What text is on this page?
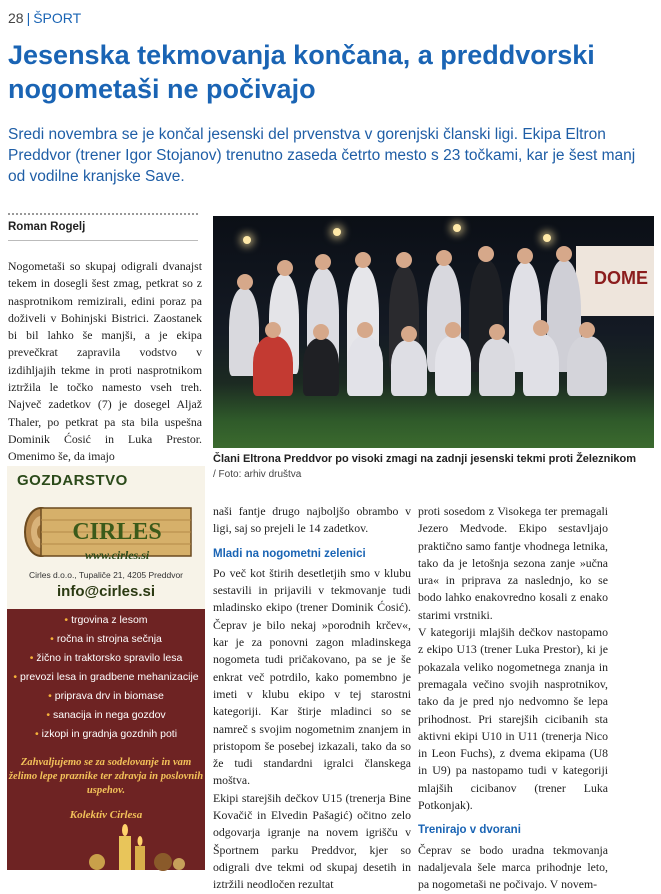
28 | ŠPORT
Jesenska tekmovanja končana, a preddvorski nogometaši ne počivajo

Sredi novembra se je končal jesenski del prvenstva v gorenjski članski ligi. Ekipa Eltron Preddvor (trener Igor Stojanov) trenutno zaseda četrto mesto s 23 točkami, kar je šest manj od vodilne kranjske Save.

Roman Rogelj

Nogometaši so skupaj odigrali dvanajst tekem in dosegli šest zmag, petkrat so z nasprotnikom remizirali, edini poraz pa doživeli v Bohinjski Bistrici. Zaostanek bi bil lahko še manjši, a je ekipa prevečkrat zapravila vodstvo v izdihljajih tekme in proti nasprotnikom iztržila le točko namesto vseh treh. Največ zadetkov (7) je dosegel Aljaž Thaler, po petkrat pa sta bila uspešna Dominik Ćosić in Luka Prestor. Omenimo še, da imajo

DOME
Člani Eltrona Preddvor po visoki zmagi na zadnji jesenski tekmi proti Železnikom
/ Foto: arhiv društva
GOZDARSTVO
CIRLES
www.cirles.si
Cirles d.o.o., Tupaliče 21, 4205 Preddvor
info@cirles.si
• trgovina z lesom
• ročna in strojna sečnja
• žično in traktorsko spravilo lesa
• prevozi lesa in gradbene mehanizacije
• priprava drv in biomase
• sanacija in nega gozdov
• izkopi in gradnja gozdnih poti
Zahvaljujemo se za sodelovanje in vam želimo lepe praznike ter zdravja in poslovnih uspehov.
Kolektiv Cirlesa

naši fantje drugo najboljšo obrambo v ligi, saj so prejeli le 14 zadetkov.

Mladi na nogometni zelenici

Po več kot štirih desetletjih smo v klubu sestavili in prijavili v tekmovanje tudi mladinsko ekipo (trener Dominik Ćosić). Čeprav je bilo nekaj »porodnih krčev«, kar je za ponovni zagon mladinskega nogometa tudi pričakovano, pa se je še enkrat več potrdilo, kako pomembno je imeti v klubu ekipo v tej starostni kategoriji. Kar štirje mladinci so se namreč s svojim nogometnim znanjem in pristopom še posebej izkazali, tako da so že tudi standardni igralci članskega moštva.

Ekipi starejših dečkov U15 (trenerja Bine Kovačič in Elvedin Pašagić) očitno zelo odgovarja igranje na novem igrišču v Športnem parku Preddvor, kjer so odigrali dve tekmi od skupaj desetih in iztržili neodločen rezultat

proti sosedom z Visokega ter premagali Jezero Medvode. Ekipo sestavljajo praktično samo fantje vhodnega letnika, tako da je letošnja sezona zanje »učna ura« in priprava za naslednjo, ko se bodo lahko enakovredno kosali z enako starimi vrstniki.

V kategoriji mlajših dečkov nastopamo z ekipo U13 (trener Luka Prestor), ki je pokazala veliko nogometnega znanja in premagala večino svojih nasprotnikov, tako da je pred njo nedvomno še lepa prihodnost. Pri starejših cicibanih sta aktivni ekipi U10 in U11 (trenerja Nico in Leon Fuchs), z dvema ekipama (U8 in U9) pa nastopamo tudi v kategoriji mlajših cicibanov (trener Luka Potkonjak).

Trenirajo v dvorani

Čeprav se bodo uradna tekmovanja nadaljevala šele marca prihodnje leto, pa nogometaši ne počivajo. V novem-
